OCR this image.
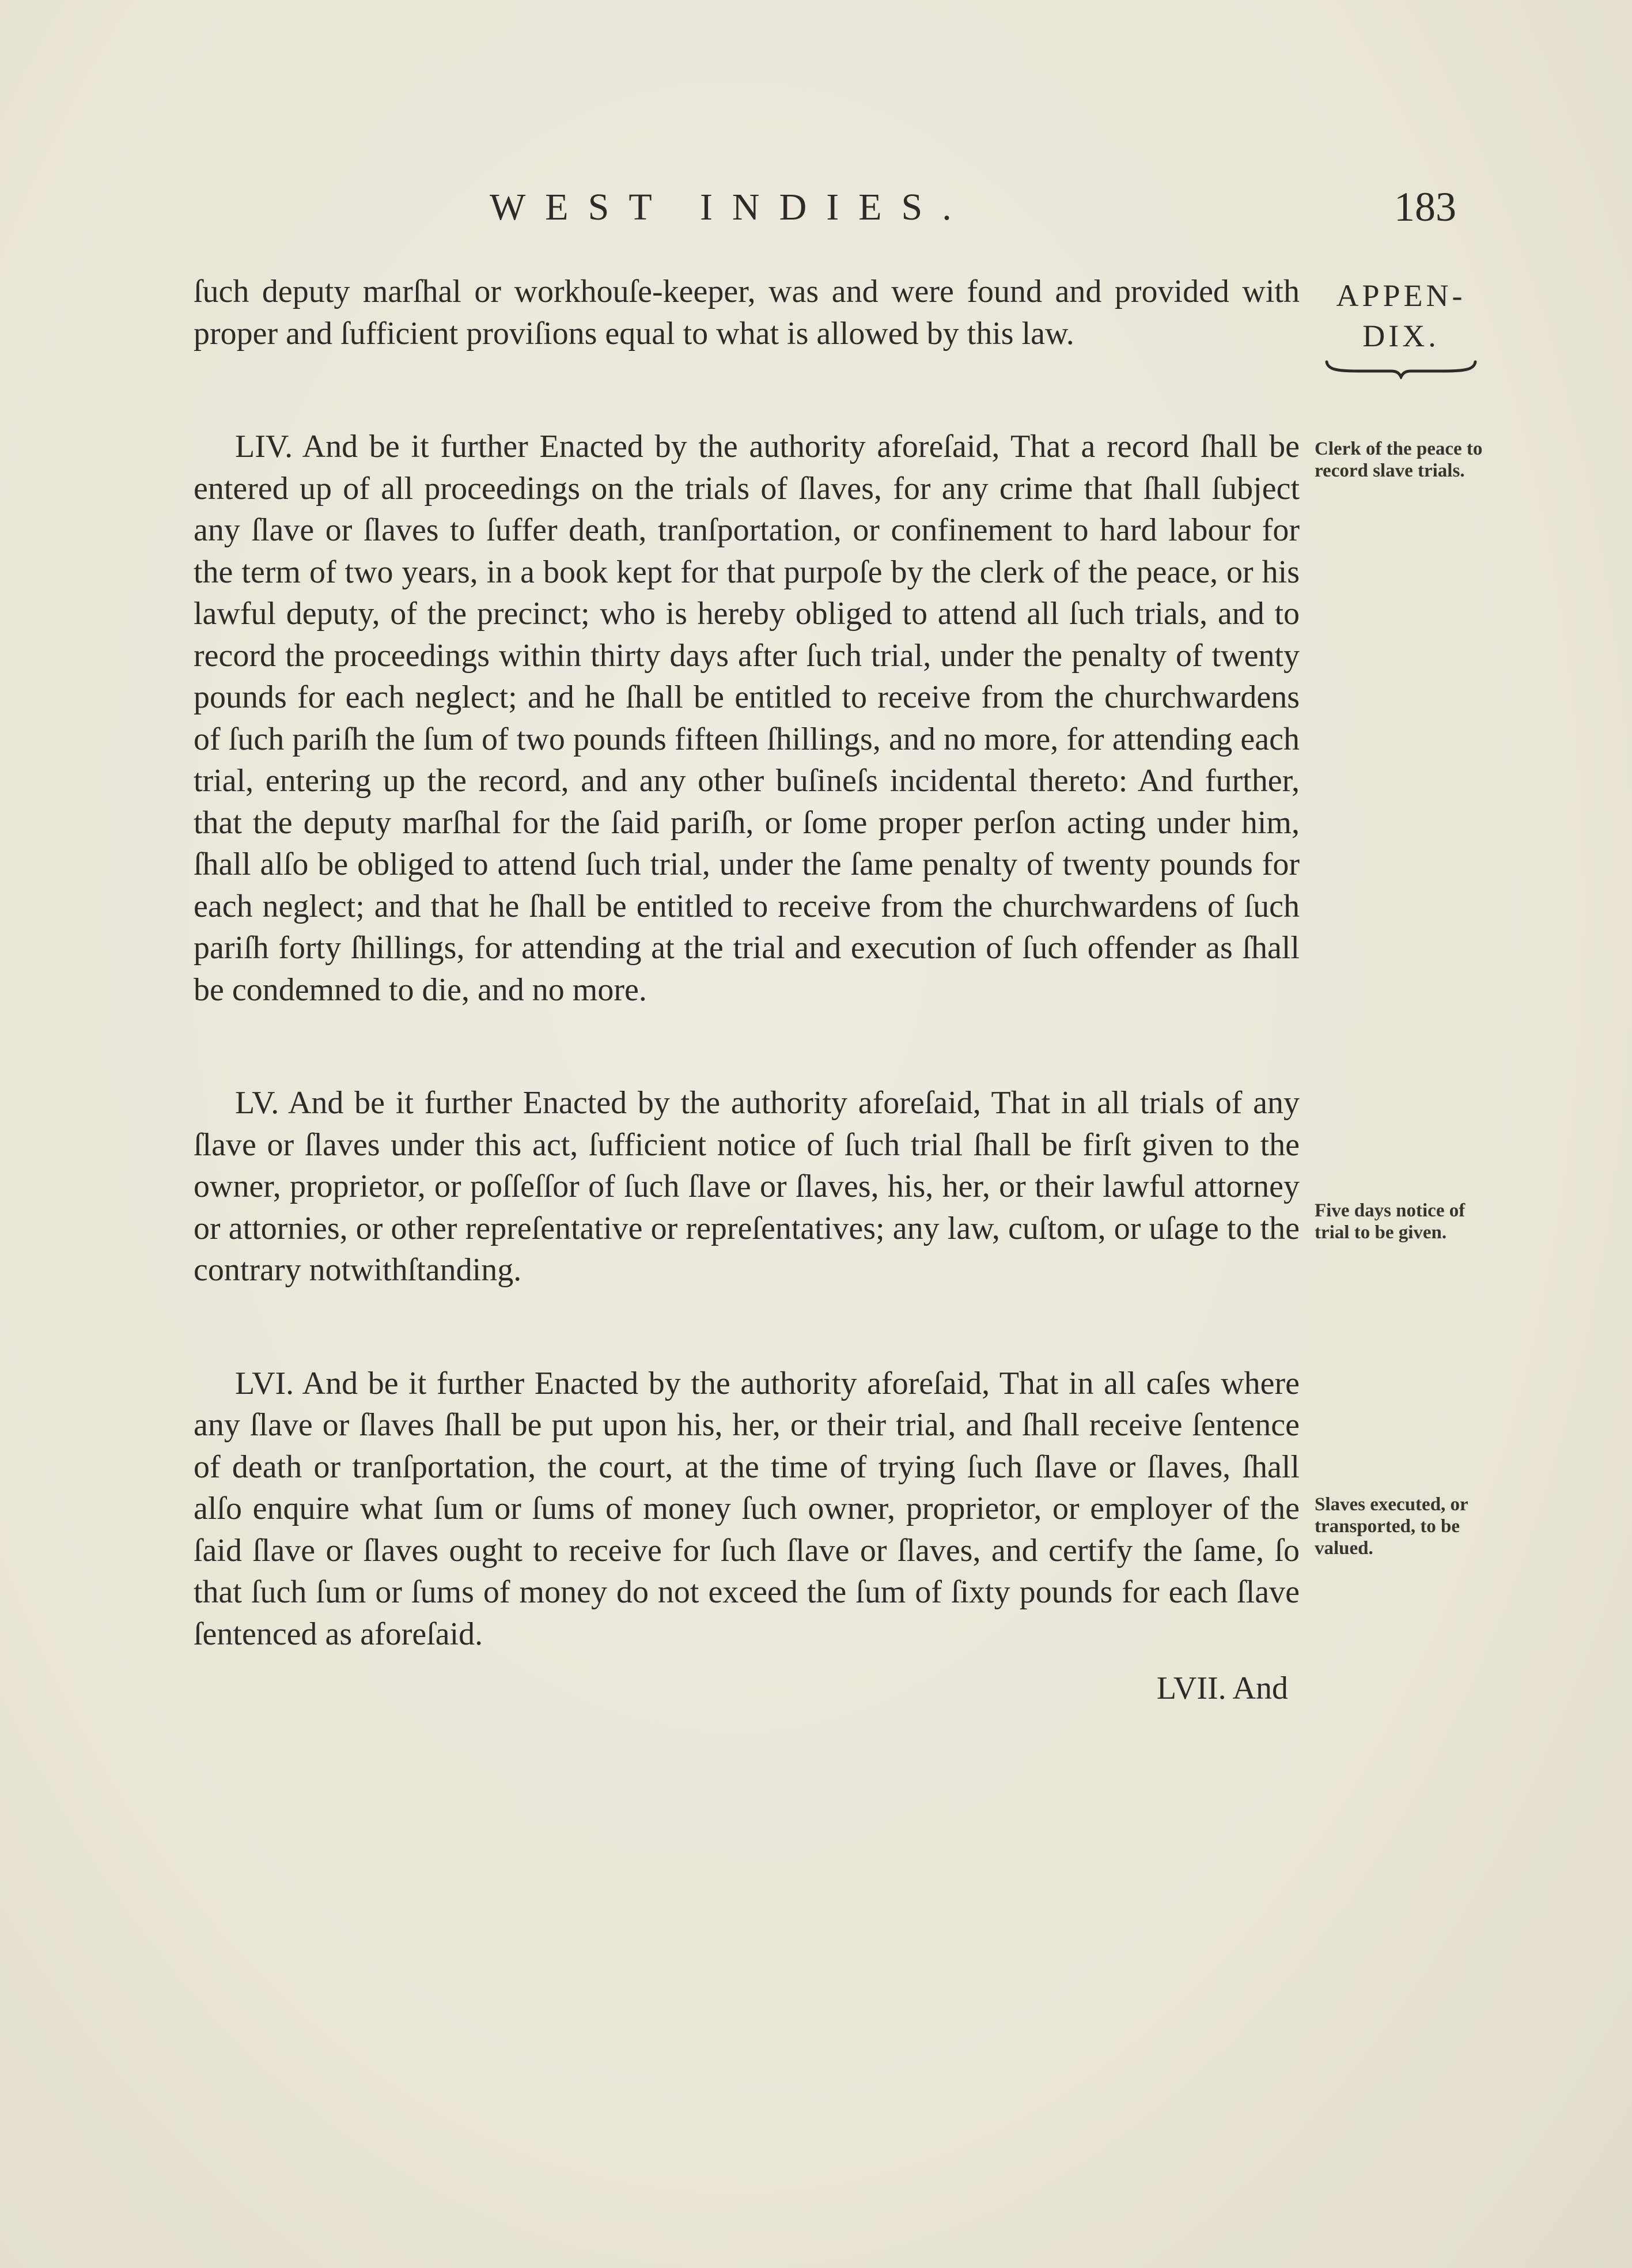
WEST INDIES.	183
APPEN-
DIX.
Clerk of the peace to record slave trials.
Five days notice of trial to be given.
Slaves executed, or transported, to be valued.

ſuch deputy marſhal or workhouſe-keeper, was and were found and provided with proper and ſufficient proviſions equal to what is allowed by this law.

LIV. And be it further Enacted by the authority aforeſaid, That a record ſhall be entered up of all proceedings on the trials of ſlaves, for any crime that ſhall ſubject any ſlave or ſlaves to ſuffer death, tranſportation, or confinement to hard labour for the term of two years, in a book kept for that purpoſe by the clerk of the peace, or his lawful deputy, of the precinct; who is hereby obliged to attend all ſuch trials, and to record the proceedings within thirty days after ſuch trial, under the penalty of twenty pounds for each neglect; and he ſhall be entitled to receive from the churchwardens of ſuch pariſh the ſum of two pounds fifteen ſhillings, and no more, for attending each trial, entering up the record, and any other buſineſs incidental thereto: And further, that the deputy marſhal for the ſaid pariſh, or ſome proper perſon acting under him, ſhall alſo be obliged to attend ſuch trial, under the ſame penalty of twenty pounds for each neglect; and that he ſhall be entitled to receive from the churchwardens of ſuch pariſh forty ſhillings, for attending at the trial and execution of ſuch offender as ſhall be condemned to die, and no more.

LV. And be it further Enacted by the authority aforeſaid, That in all trials of any ſlave or ſlaves under this act, ſufficient notice of ſuch trial ſhall be firſt given to the owner, proprietor, or poſſeſſor of ſuch ſlave or ſlaves, his, her, or their lawful attorney or attornies, or other repreſentative or repreſentatives; any law, cuſtom, or uſage to the contrary notwithſtanding.

LVI. And be it further Enacted by the authority aforeſaid, That in all caſes where any ſlave or ſlaves ſhall be put upon his, her, or their trial, and ſhall receive ſentence of death or tranſportation, the court, at the time of trying ſuch ſlave or ſlaves, ſhall alſo enquire what ſum or ſums of money ſuch owner, proprietor, or employer of the ſaid ſlave or ſlaves ought to receive for ſuch ſlave or ſlaves, and certify the ſame, ſo that ſuch ſum or ſums of money do not exceed the ſum of ſixty pounds for each ſlave ſentenced as aforeſaid.

LVII. And
